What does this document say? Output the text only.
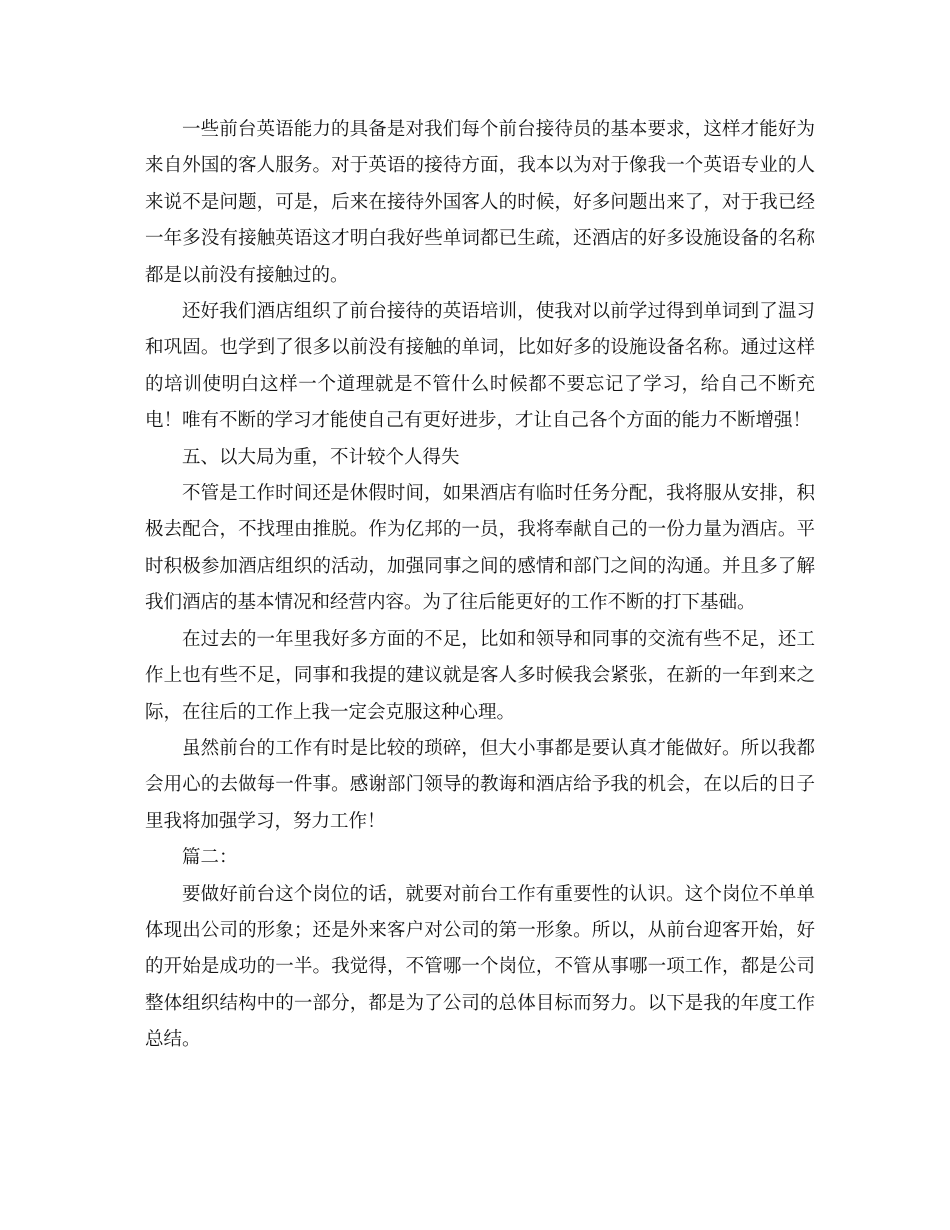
一些前台英语能力的具备是对我们每个前台接待员的基本要求，这样才能好为来自外国的客人服务。对于英语的接待方面，我本以为对于像我一个英语专业的人来说不是问题，可是，后来在接待外国客人的时候，好多问题出来了，对于我已经一年多没有接触英语这才明白我好些单词都已生疏，还酒店的好多设施设备的名称都是以前没有接触过的。

还好我们酒店组织了前台接待的英语培训，使我对以前学过得到单词到了温习和巩固。也学到了很多以前没有接触的单词，比如好多的设施设备名称。通过这样的培训使明白这样一个道理就是不管什么时候都不要忘记了学习，给自己不断充电！唯有不断的学习才能使自己有更好进步，才让自己各个方面的能力不断增强！

五、以大局为重，不计较个人得失

不管是工作时间还是休假时间，如果酒店有临时任务分配，我将服从安排，积极去配合，不找理由推脱。作为亿邦的一员，我将奉献自己的一份力量为酒店。平时积极参加酒店组织的活动，加强同事之间的感情和部门之间的沟通。并且多了解我们酒店的基本情况和经营内容。为了往后能更好的工作不断的打下基础。

在过去的一年里我好多方面的不足，比如和领导和同事的交流有些不足，还工作上也有些不足，同事和我提的建议就是客人多时候我会紧张，在新的一年到来之际，在往后的工作上我一定会克服这种心理。

虽然前台的工作有时是比较的琐碎，但大小事都是要认真才能做好。所以我都会用心的去做每一件事。感谢部门领导的教诲和酒店给予我的机会，在以后的日子里我将加强学习，努力工作！

篇二：

要做好前台这个岗位的话，就要对前台工作有重要性的认识。这个岗位不单单体现出公司的形象；还是外来客户对公司的第一形象。所以，从前台迎客开始，好的开始是成功的一半。我觉得，不管哪一个岗位，不管从事哪一项工作，都是公司整体组织结构中的一部分，都是为了公司的总体目标而努力。以下是我的年度工作总结。
